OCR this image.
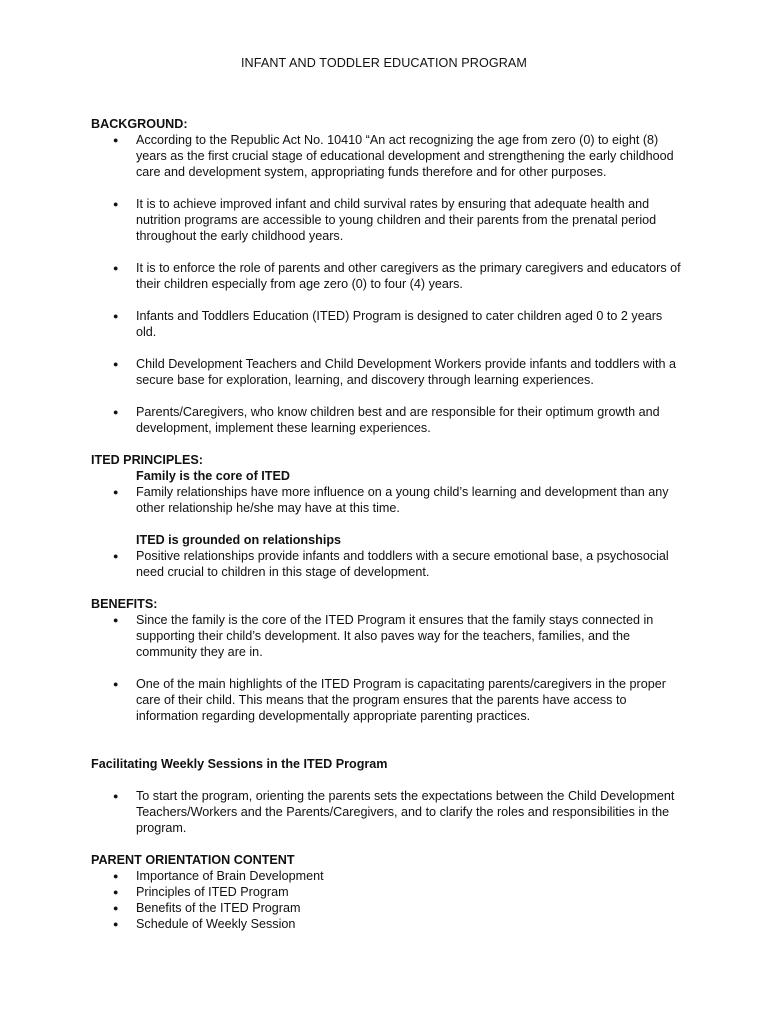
INFANT AND TODDLER EDUCATION PROGRAM
BACKGROUND:
● According to the Republic Act No. 10410 “An act recognizing the age from zero (0) to eight (8) years as the first crucial stage of educational development and strengthening the early childhood care and development system, appropriating funds therefore and for other purposes.
● It is to achieve improved infant and child survival rates by ensuring that adequate health and nutrition programs are accessible to young children and their parents from the prenatal period throughout the early childhood years.
● It is to enforce the role of parents and other caregivers as the primary caregivers and educators of their children especially from age zero (0) to four (4) years.
● Infants and Toddlers Education (ITED) Program is designed to cater children aged 0 to 2 years old.
● Child Development Teachers and Child Development Workers provide infants and toddlers with a secure base for exploration, learning, and discovery through learning experiences.
● Parents/Caregivers, who know children best and are responsible for their optimum growth and development, implement these learning experiences.
ITED PRINCIPLES:
Family is the core of ITED
● Family relationships have more influence on a young child’s learning and development than any other relationship he/she may have at this time.
ITED is grounded on relationships
● Positive relationships provide infants and toddlers with a secure emotional base, a psychosocial need crucial to children in this stage of development.
BENEFITS:
● Since the family is the core of the ITED Program it ensures that the family stays connected in supporting their child’s development. It also paves way for the teachers, families, and the community they are in.
● One of the main highlights of the ITED Program is capacitating parents/caregivers in the proper care of their child. This means that the program ensures that the parents have access to information regarding developmentally appropriate parenting practices.
Facilitating Weekly Sessions in the ITED Program
● To start the program, orienting the parents sets the expectations between the Child Development Teachers/Workers and the Parents/Caregivers, and to clarify the roles and responsibilities in the program.
PARENT ORIENTATION CONTENT
● Importance of Brain Development
● Principles of ITED Program
● Benefits of the ITED Program
● Schedule of Weekly Session
